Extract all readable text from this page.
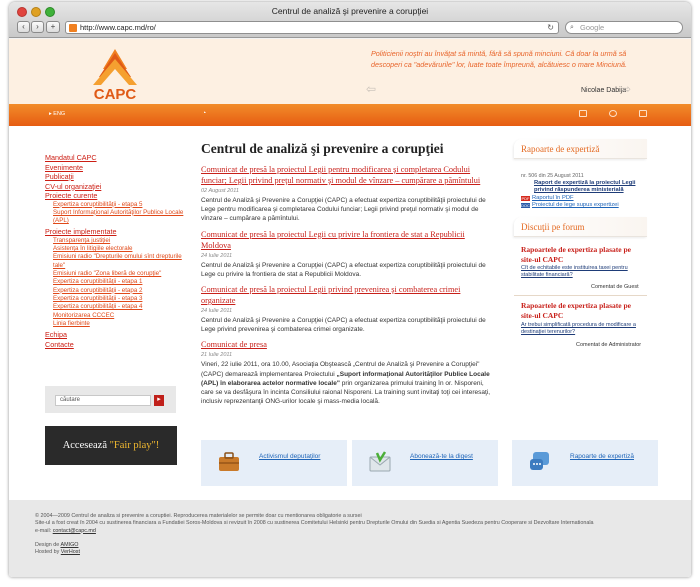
Centrul de analiză şi prevenire a corupţiei
‹	›	+	http://www.capc.md/ro/	↻ ⌕ Google
CAPC
Politicienii noştri au învăţat să mintă, fără să spună minciuni. Că doar la urmă să descoperi ca "adevărurile" lor, luate toate împreună, alcătuiesc o mare Minciună.
Nicolae Dabija
⇦	⇨
▸ ENG	◔
Mandatul CAPC
Evenimente
Publicaţii
CV-ul organizaţiei
Proiecte curente
Expertiza coruptibilităţii - etapa 5
Suport Informaţional Autorităţilor Publice Locale (APL)
Proiecte implementate
Transparenţa justiţiei
Asistenţa în litigiile electorale
Emisiuni radio "Drepturile omului sînt drepturile tale"
Emisiuni radio "Zona liberă de corupţie"
Expertiza coruptibilităţii - etapa 1
Expertiza coruptibilităţii - etapa 2
Expertiza coruptibilităţii - etapa 3
Expertiza coruptibilităţii - etapa 4
Monitorizarea CCCEC
Linia fierbinte
Echipa
Contacte
căutare	▸
Accesează "Fair play"!
Centrul de analiză şi prevenire a corupţiei
Comunicat de presă la proiectul Legii pentru modificarea şi completarea Codului funciar; Legii privind preţul normativ şi modul de vînzare – cumpărare a pămîntului
02 August 2011
Centrul de Analiză şi Prevenire a Corupţiei (CAPC) a efectuat expertiza coruptibilităţii proiectului de Lege pentru modificarea şi completarea Codului funciar; Legii privind preţul normativ şi modul de vînzare – cumpărare a pămîntului.
Comunicat de presă la proiectul Legii cu privire la frontiera de stat a Republicii Moldova
24 Iulie 2011
Centrul de Analiză şi Prevenire a Corupţiei (CAPC) a efectuat expertiza coruptibilităţii proiectului de Lege cu privire la frontiera de stat a Republicii Moldova.
Comunicat de presă la proiectul Legii privind prevenirea şi combaterea crimei organizate
24 Iulie 2011
Centrul de Analiză şi Prevenire a Corupţiei (CAPC) a efectuat expertiza coruptibilităţii proiectului de Lege privind prevenirea şi combaterea crimei organizate.
Comunicat de presa
21 Iulie 2011
Vineri, 22 iulie 2011, ora 10.00, Asociaţia Obştească „Centrul de Analiză şi Prevenire a Corupţiei" (CAPC) demarează implementarea Proiectului „Suport informaţional Autorităţilor Publice Locale (APL) în elaborarea actelor normative locale" prin organizarea primului training în or. Nisporeni, care se va desfăşura în incinta Consiliului raional Nisporeni. La training sunt invitaţi toţi cei interesaţi, inclusiv reprezentanţii ONG-urilor locale şi mass-media locală.
Activismul deputaţilor	Abonează-te la digest	Rapoarte de expertiză
Rapoarte de expertiză
nr. 506 din 25 August 2011
Raport de expertiză la proiectul Legii privind răspunderea ministerială
PDF Raportul în PDF
DOC Proiectul de lege supus expertizei
Discuţii pe forum
Rapoartele de expertiza plasate pe site-ul CAPC
Cît de echitabile este instituirea taxei pentru stabilitate financiară?
Comentat de Guest
Rapoartele de expertiza plasate pe site-ul CAPC
Ar trebui simplificată procedura de modificare a destinaţiei terenurilor?
Comentat de Administrator
© 2004—2009 Centrul de analiza si prevenire a coruptiei. Reproducerea materialelor se permite doar cu mentionarea obligatorie a sursei
Site-ul a fost creat în 2004 cu sustinerea financiara a Fundatiei Soros-Moldova si revizuit în 2008 cu sustinerea Comitetului Helsinki pentru Drepturile Omului din Suedia si Agentia Suedeza pentru Cooperare si Dezvoltare Internationala
e-mail: contact@capc.md
Design de AMIGO
Hosted by VerHost
